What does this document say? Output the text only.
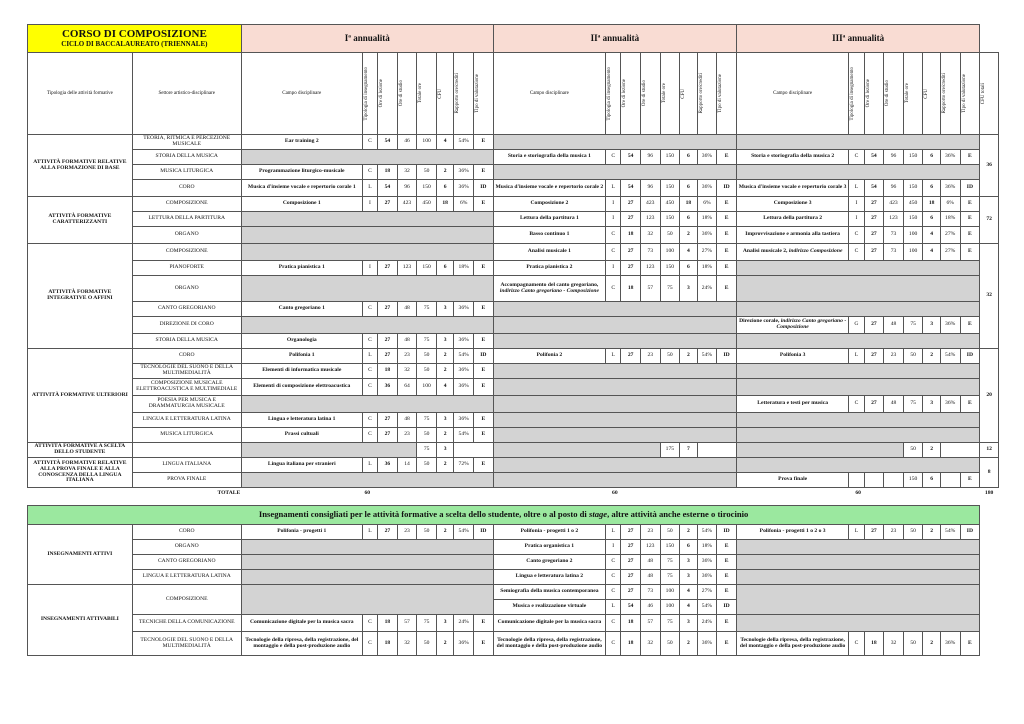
CORSO DI COMPOSIZIONE
CICLO DI BACCALAUREATO (TRIENNALE)		Iª annualità								IIª annualità								IIIª annualità								
Tipologia delle attività formative	Settore artistico-disciplinare	Campo disciplinare	Tipologia di insegnamento	Ore di lezione	Ore di studio	Totale ore	CFU	Rapporto ore/crediti	Tipo di valutazione	Campo disciplinare	Tipologia di insegnamento	Ore di lezione	Ore di studio	Totale ore	CFU	Rapporto ore/crediti	Tipo di valutazione	Campo disciplinare	Tipologia di insegnamento	Ore di lezione	Ore di studio	Totale ore	CFU	Rapporto ore/crediti	Tipo di valutazione	CFU totali

ATTIVITÀ FORMATIVE RELATIVE ALLA FORMAZIONE DI BASE	TEORIA, RITMICA E PERCEZIONE MUSICALE	Ear training 2	C	54	46	100	4	54%	E																	36
	STORIA DELLA MUSICA									Storia e storiografia della musica 1	C	54	96	150	6	36%	E	Storia e storiografia della musica 2	C	54	96	150	6	36%	E	
	MUSICA LITURGICA	Programmazione liturgico-musicale	C	18	32	50	2	36%	E																	
	CORO	Musica d'insieme vocale e repertorio corale 1	L	54	96	150	6	36%	ID	Musica d'insieme vocale e repertorio corale 2	L	54	96	150	6	36%	ID	Musica d'insieme vocale e repertorio corale 3	L	54	96	150	6	36%	ID	
ATTIVITÀ FORMATIVE CARATTERIZZANTI	COMPOSIZIONE	Composizione 1	I	27	423	450	18	6%	E	Composizione 2	I	27	423	450	18	6%	E	Composizione 3	I	27	423	450	18	6%	E	72
	LETTURA DELLA PARTITURA									Lettura della partitura 1	I	27	123	150	6	18%	E	Lettura della partitura 2	I	27	123	150	6	18%	E	
	ORGANO									Basso continuo 1	C	18	32	50	2	36%	E	Improvvisazione e armonia alla tastiera	C	27	73	100	4	27%	E	
ATTIVITÀ FORMATIVE INTEGRATIVE O AFFINI	COMPOSIZIONE									Analisi musicale 1	C	27	73	100	4	27%	E	Analisi musicale 2, indirizzo Composizione	C	27	73	100	4	27%	E	32
	PIANOFORTE	Pratica pianistica 1	I	27	123	150	6	18%	E	Pratica pianistica 2	I	27	123	150	6	18%	E									
	ORGANO									Accompagnamento del canto gregoriano, indirizzo Canto gregoriano - Composizione	C	18	57	75	3	24%	E									
	CANTO GREGORIANO	Canto gregoriano 1	C	27	48	75	3	36%	E																	
	DIREZIONE DI CORO																	Direzione corale, indirizzo Canto gregoriano - Composizione	G	27	48	75	3	36%	E	
	STORIA DELLA MUSICA	Organologia	C	27	48	75	3	36%	E																	
ATTIVITÀ FORMATIVE ULTERIORI	CORO	Polifonia 1	L	27	23	50	2	54%	ID	Polifonia 2	L	27	23	50	2	54%	ID	Polifonia 3	L	27	23	50	2	54%	ID	20
	TECNOLOGIE DEL SUONO E DELLA MULTIMEDIALITÀ	Elementi di informatica musicale	C	18	32	50	2	36%	E																	
	COMPOSIZIONE MUSICALE ELETTROACUSTICA E MULTIMEDIALE	Elementi di composizione elettroacustica	C	36	64	100	4	36%	E																	
	POESIA PER MUSICA E DRAMMATURGIA MUSICALE																	Letteratura e testi per musica	C	27	48	75	3	36%	E	
	LINGUA E LETTERATURA LATINA	Lingua e letteratura latina 1	C	27	48	75	3	36%	E																	
	MUSICA LITURGICA	Prassi cultuali	C	27	23	50	2	54%	E																	
ATTIVITÀ FORMATIVE A SCELTA DELLO STUDENTE						75	3							175	7							50	2			12
ATTIVITÀ FORMATIVE RELATIVE ALLA PROVA FINALE E ALLA CONOSCENZA DELLA LINGUA ITALIANA	LINGUA ITALIANA	Lingua italiana per stranieri	L	36	14	50	2	72%	E																	8
	PROVA FINALE																	Prova finale				150	6		E	
TOTALE		60								60								60								180

Insegnamenti consigliati per le attività formative a scelta dello studente, oltre o al posto di stage, altre attività anche esterne o tirocinio																										
INSEGNAMENTI ATTIVI	CORO	Polifonia - progetti 1	L	27	23	50	2	54%	ID	Polifonia - progetti 1 o 2	L	27	23	50	2	54%	ID	Polifonia - progetti 1 o 2 o 3	L	27	23	50	2	54%	ID	
	ORGANO									Pratica organistica 1	I	27	123	150	6	18%	E									
	CANTO GREGORIANO									Canto gregoriano 2	C	27	48	75	3	36%	E									
	LINGUA E LETTERATURA LATINA									Lingua e letteratura latina 2	C	27	48	75	3	36%	E									
INSEGNAMENTI ATTIVABILI	COMPOSIZIONE									Semiografia della musica contemporanea	C	27	73	100	4	27%	E									
										Musica e realizzazione virtuale	L	54	46	100	4	54%	ID									
	TECNICHE DELLA COMUNICAZIONE	Comunicazione digitale per la musica sacra	C	18	57	75	3	24%	E	Comunicazione digitale per la musica sacra	C	18	57	75	3	24%	E									
	TECNOLOGIE DEL SUONO E DELLA MULTIMEDIALITÀ	Tecnologie della ripresa, della registrazione, del montaggio e della post-produzione audio	C	18	32	50	2	36%	E	Tecnologie della ripresa, della registrazione, del montaggio e della post-produzione audio	C	18	32	50	2	36%	E	Tecnologie della ripresa, della registrazione, del montaggio e della post-produzione audio	C	18	32	50	2	36%	E	
